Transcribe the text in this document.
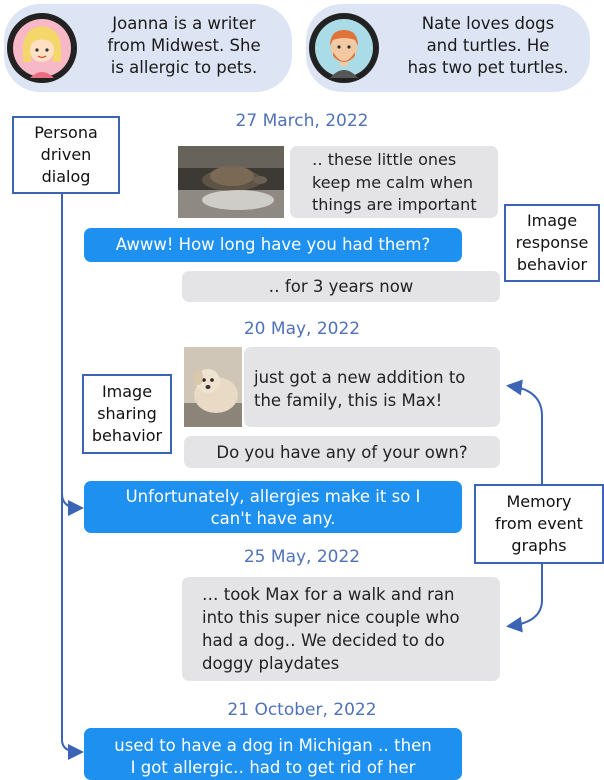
Joanna is a writer
from Midwest. She
is allergic to pets.
Nate loves dogs
and turtles. He
has two pet turtles.
Persona
driven
dialog
Image
response
behavior
Image
sharing
behavior
Memory
from event
graphs
27 March, 2022
20 May, 2022
25 May, 2022
21 October, 2022
‥ these little ones keep me calm when things are important
Awww! How long have you had them?
‥ for 3 years now
just got a new addition to the family, this is Max!
Do you have any of your own?
Unfortunately, allergies make it so I can't have any.
… took Max for a walk and ran into this super nice couple who had a dog‥ We decided to do doggy playdates
used to have a dog in Michigan ‥ then I got allergic‥ had to get rid of her
